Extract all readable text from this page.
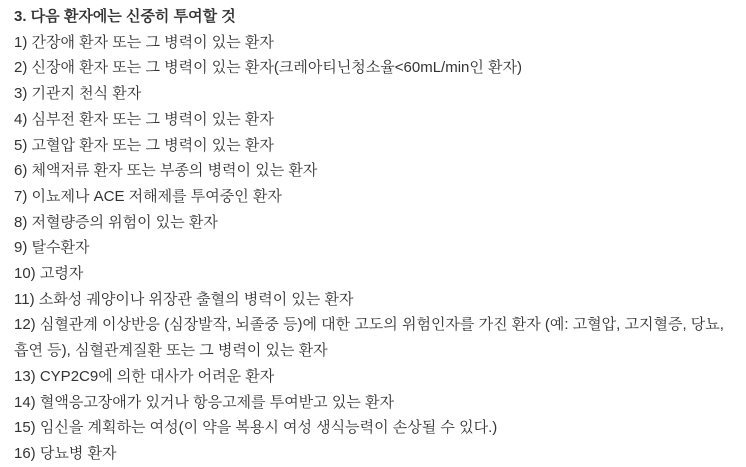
3. 다음 환자에는 신중히 투여할 것

1) 간장애 환자 또는 그 병력이 있는 환자

2) 신장애 환자 또는 그 병력이 있는 환자(크레아티닌청소율<60mL/min인 환자)

3) 기관지 천식 환자

4) 심부전 환자 또는 그 병력이 있는 환자

5) 고혈압 환자 또는 그 병력이 있는 환자

6) 체액저류 환자 또는 부종의 병력이 있는 환자

7) 이뇨제나 ACE 저해제를 투여중인 환자

8) 저혈량증의 위험이 있는 환자

9) 탈수환자

10) 고령자

11) 소화성 궤양이나 위장관 출혈의 병력이 있는 환자

12) 심혈관계 이상반응 (심장발작, 뇌졸중 등)에 대한 고도의 위험인자를 가진 환자 (예: 고혈압, 고지혈증, 당뇨, 흡연 등), 심혈관계질환 또는 그 병력이 있는 환자

13) CYP2C9에 의한 대사가 어려운 환자

14) 혈액응고장애가 있거나 항응고제를 투여받고 있는 환자

15) 임신을 계획하는 여성(이 약을 복용시 여성 생식능력이 손상될 수 있다.)

16) 당뇨병 환자
